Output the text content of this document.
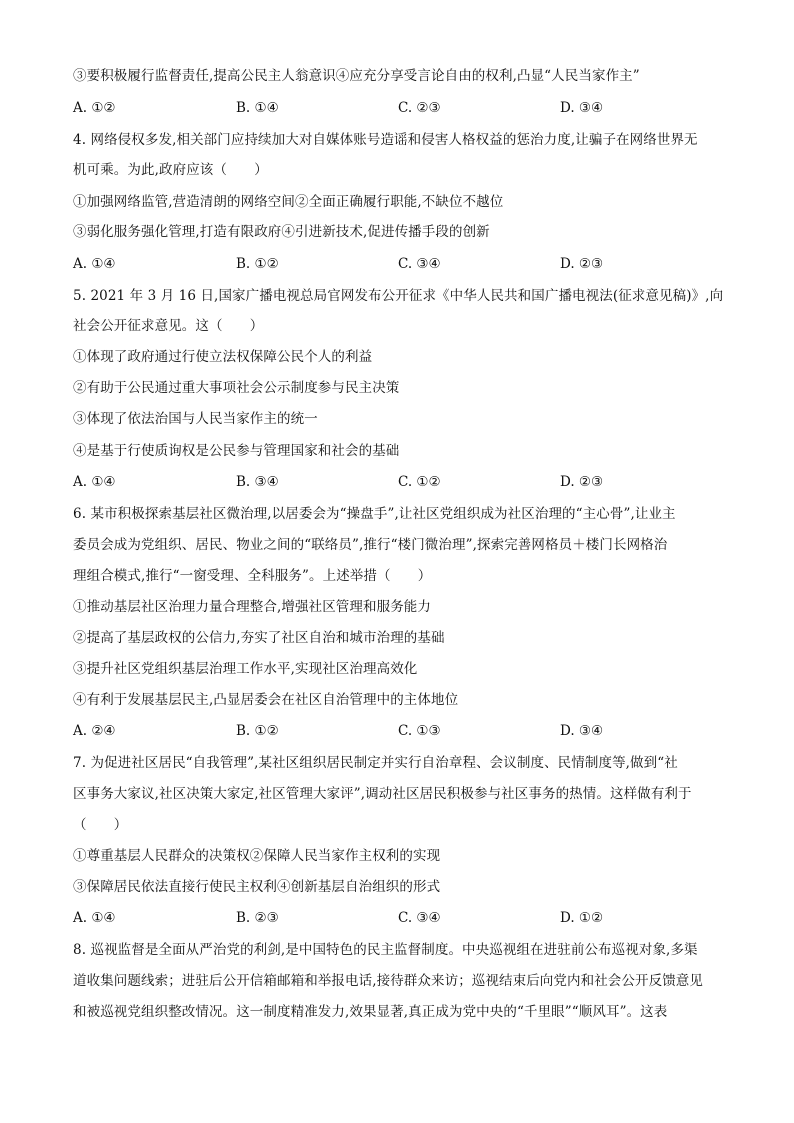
③要积极履行监督责任,提高公民主人翁意识④应充分享受言论自由的权利,凸显“人民当家作主”
A. ①②	B. ①④	C. ②③	D. ③④
4. 网络侵权多发,相关部门应持续加大对自媒体账号造谣和侵害人格权益的惩治力度,让骗子在网络世界无
机可乘。为此,政府应该（　　）
①加强网络监管,营造清朗的网络空间②全面正确履行职能,不缺位不越位
③弱化服务强化管理,打造有限政府④引进新技术,促进传播手段的创新
A. ①④	B. ①②	C. ③④	D. ②③
5. 2021 年 3 月 16 日,国家广播电视总局官网发布公开征求《中华人民共和国广播电视法(征求意见稿)》,向
社会公开征求意见。这（　　）
①体现了政府通过行使立法权保障公民个人的利益
②有助于公民通过重大事项社会公示制度参与民主决策
③体现了依法治国与人民当家作主的统一
④是基于行使质询权是公民参与管理国家和社会的基础
A. ①④	B. ③④	C. ①②	D. ②③
6. 某市积极探索基层社区微治理,以居委会为“操盘手”,让社区党组织成为社区治理的“主心骨”,让业主
委员会成为党组织、居民、物业之间的“联络员”,推行“楼门微治理”,探索完善网格员＋楼门长网格治
理组合模式,推行“一窗受理、全科服务”。上述举措（　　）
①推动基层社区治理力量合理整合,增强社区管理和服务能力
②提高了基层政权的公信力,夯实了社区自治和城市治理的基础
③提升社区党组织基层治理工作水平,实现社区治理高效化
④有利于发展基层民主,凸显居委会在社区自治管理中的主体地位
A. ②④	B. ①②	C. ①③	D. ③④
7. 为促进社区居民“自我管理”,某社区组织居民制定并实行自治章程、会议制度、民情制度等,做到“社
区事务大家议,社区决策大家定,社区管理大家评”,调动社区居民积极参与社区事务的热情。这样做有利于
（　　）
①尊重基层人民群众的决策权②保障人民当家作主权利的实现
③保障居民依法直接行使民主权利④创新基层自治组织的形式
A. ①④	B. ②③	C. ③④	D. ①②
8. 巡视监督是全面从严治党的利剑,是中国特色的民主监督制度。中央巡视组在进驻前公布巡视对象,多渠
道收集问题线索；进驻后公开信箱邮箱和举报电话,接待群众来访；巡视结束后向党内和社会公开反馈意见
和被巡视党组织整改情况。这一制度精准发力,效果显著,真正成为党中央的“千里眼”“顺风耳”。这表
